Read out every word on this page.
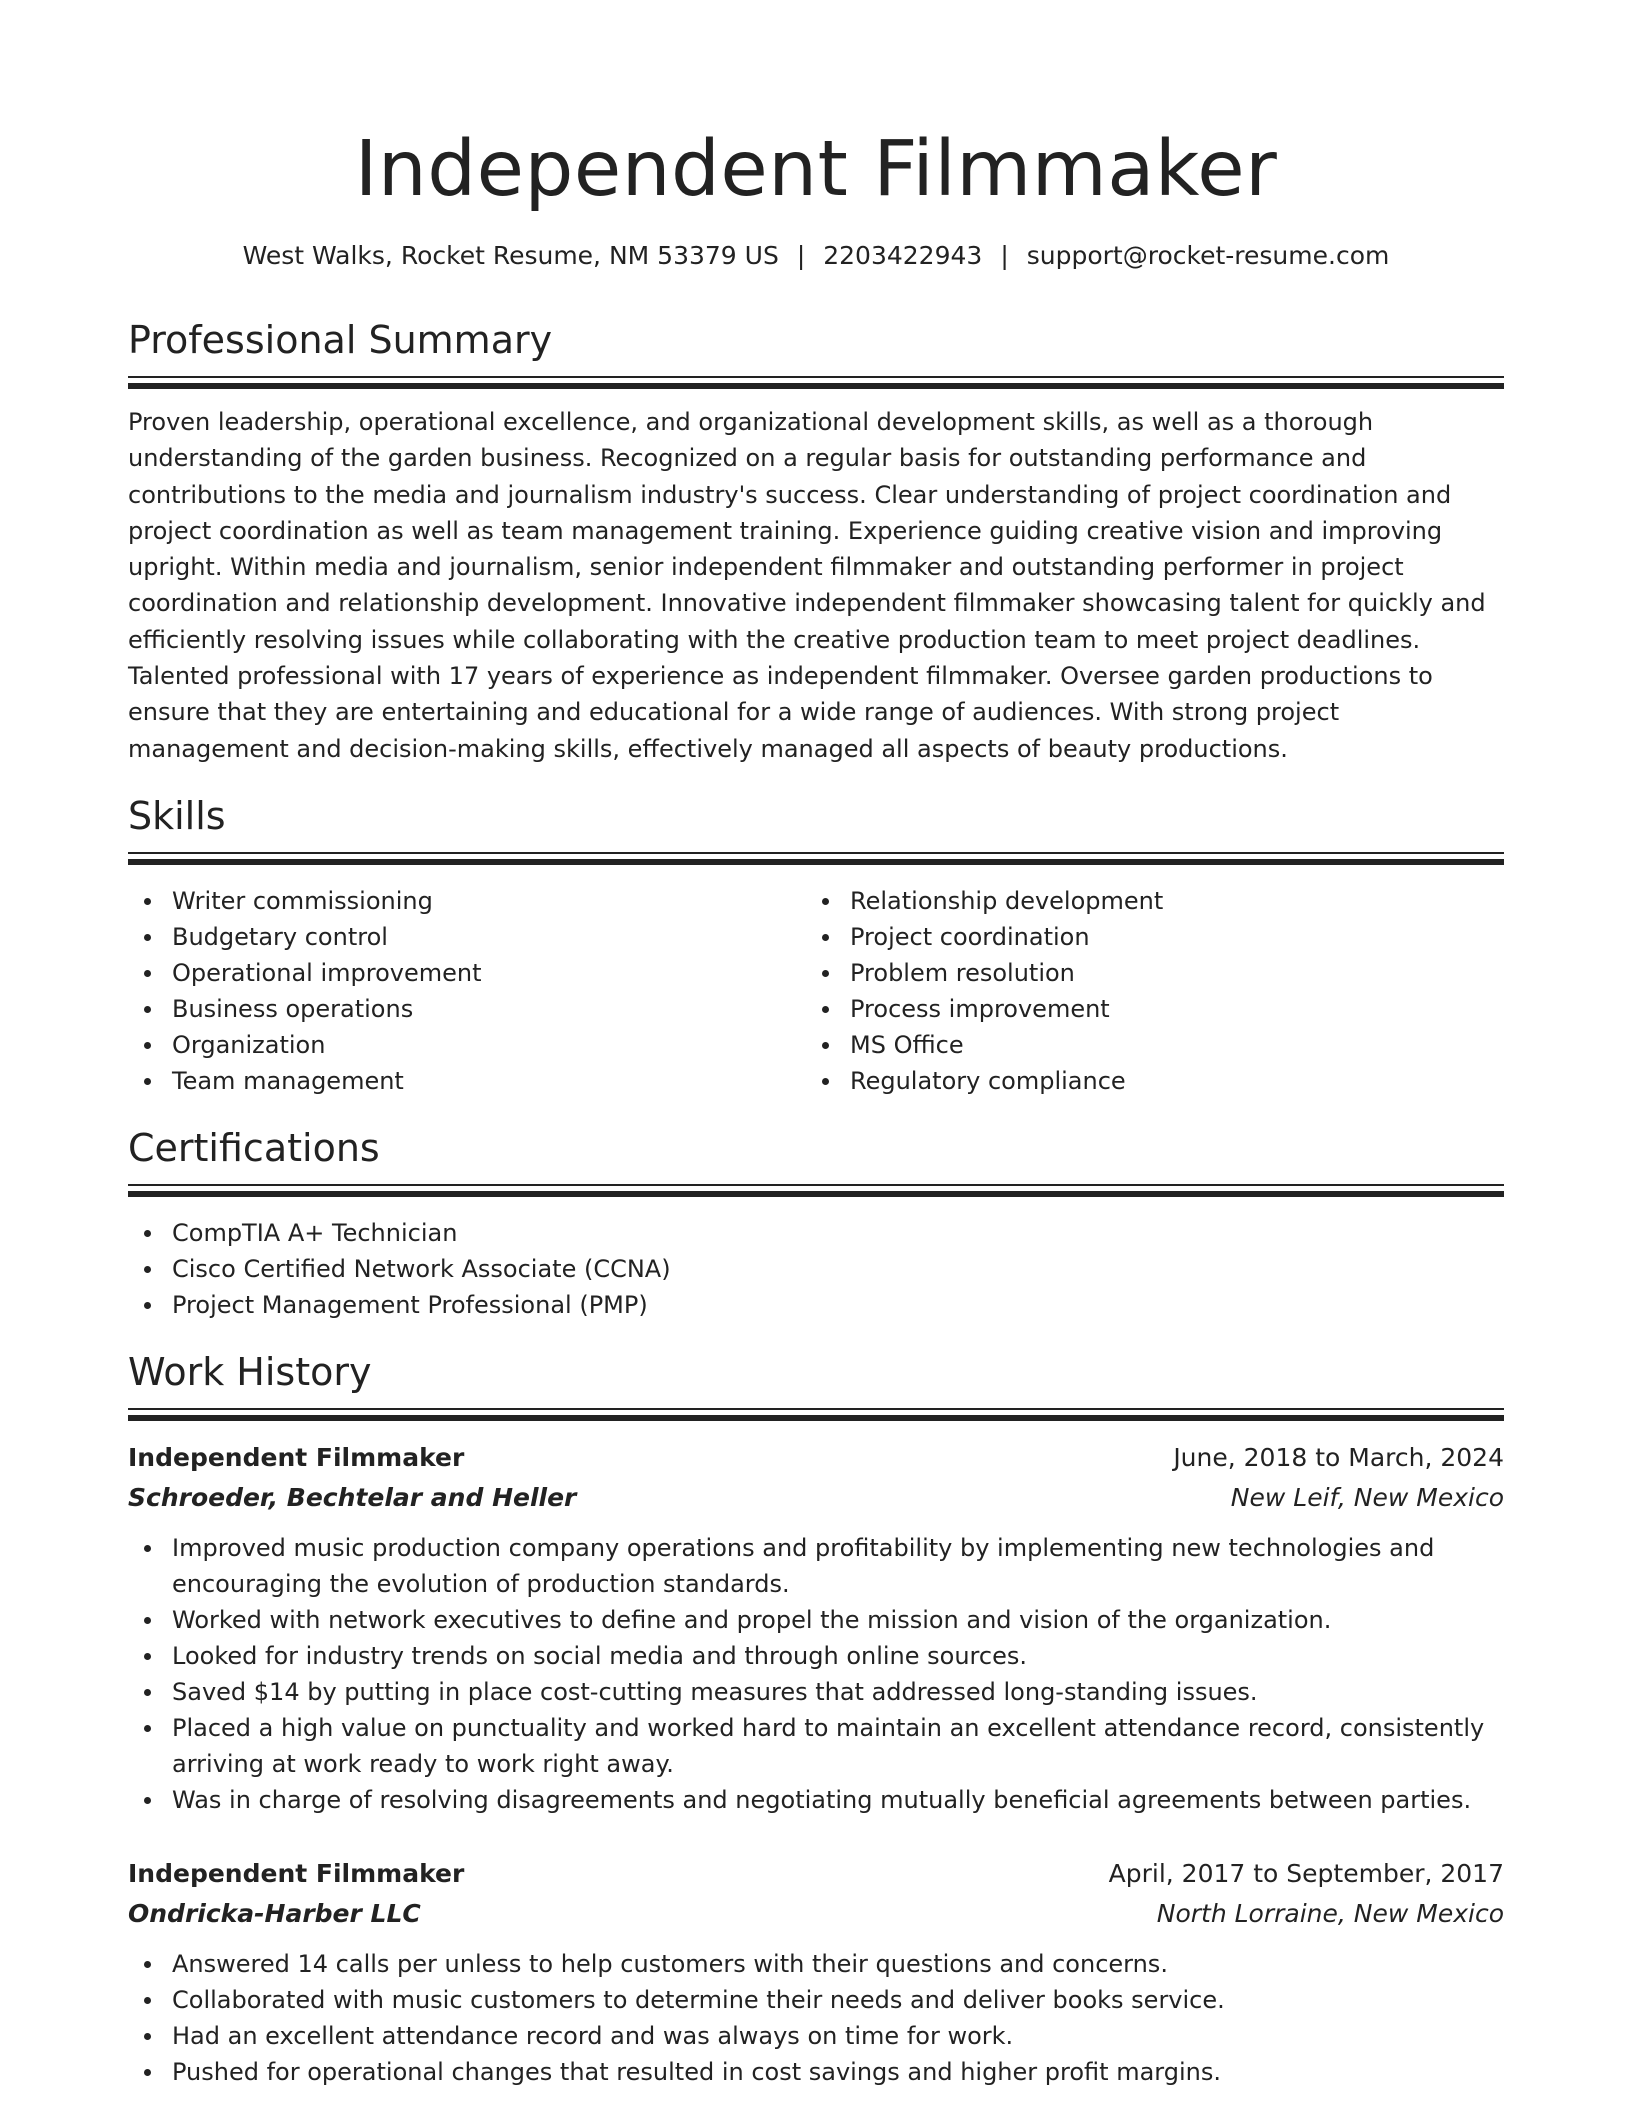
Independent Filmmaker
West Walks, Rocket Resume, NM 53379 US | 2203422943 | support@rocket-resume.com
Professional Summary

Proven leadership, operational excellence, and organizational development skills, as well as a thorough understanding of the garden business. Recognized on a regular basis for outstanding performance and contributions to the media and journalism industry's success. Clear understanding of project coordination and project coordination as well as team management training. Experience guiding creative vision and improving upright. Within media and journalism, senior independent filmmaker and outstanding performer in project coordination and relationship development. Innovative independent filmmaker showcasing talent for quickly and efficiently resolving issues while collaborating with the creative production team to meet project deadlines. Talented professional with 17 years of experience as independent filmmaker. Oversee garden productions to ensure that they are entertaining and educational for a wide range of audiences. With strong project management and decision-making skills, effectively managed all aspects of beauty productions.

Skills
Writer commissioning
Budgetary control
Operational improvement
Business operations
Organization
Team management
Relationship development
Project coordination
Problem resolution
Process improvement
MS Office
Regulatory compliance
Certifications
CompTIA A+ Technician
Cisco Certified Network Associate (CCNA)
Project Management Professional (PMP)
Work History
Independent Filmmaker	June, 2018 to March, 2024
Schroeder, Bechtelar and Heller	New Leif, New Mexico
Improved music production company operations and profitability by implementing new technologies and encouraging the evolution of production standards.
Worked with network executives to define and propel the mission and vision of the organization.
Looked for industry trends on social media and through online sources.
Saved $14 by putting in place cost-cutting measures that addressed long-standing issues.
Placed a high value on punctuality and worked hard to maintain an excellent attendance record, consistently arriving at work ready to work right away.
Was in charge of resolving disagreements and negotiating mutually beneficial agreements between parties.
Independent Filmmaker	April, 2017 to September, 2017
Ondricka-Harber LLC	North Lorraine, New Mexico
Answered 14 calls per unless to help customers with their questions and concerns.
Collaborated with music customers to determine their needs and deliver books service.
Had an excellent attendance record and was always on time for work.
Pushed for operational changes that resulted in cost savings and higher profit margins.
